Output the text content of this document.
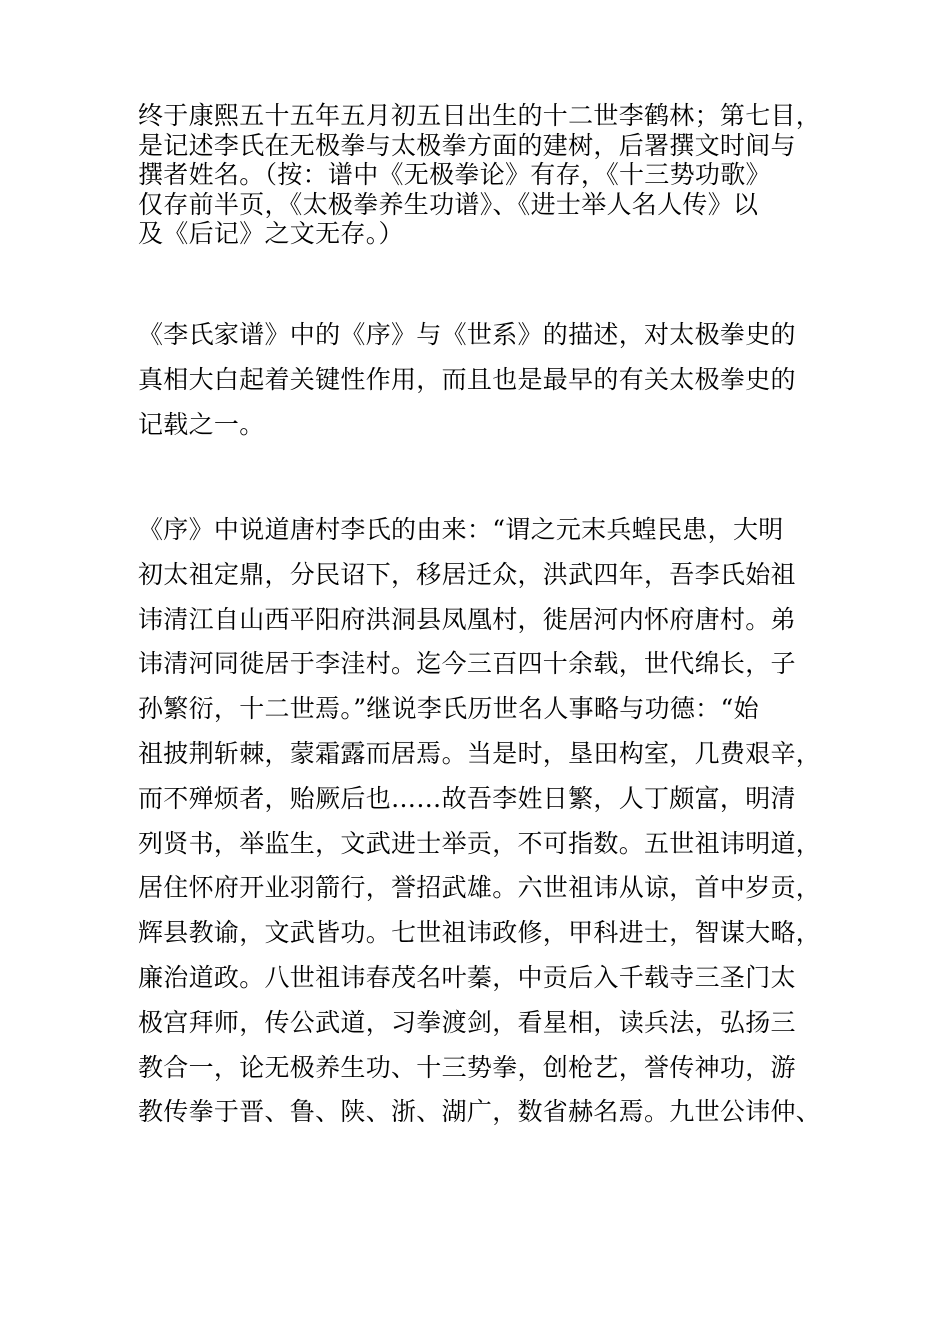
终于康熙五十五年五月初五日出生的十二世李鹤林；第七目，
是记述李氏在无极拳与太极拳方面的建树，后署撰文时间与
撰者姓名。（按：谱中《无极拳论》有存，《十三势功歌》
仅存前半页，《太极拳养生功谱》、《进士举人名人传》以
及《后记》之文无存。）

《李氏家谱》中的《序》与《世系》的描述，对太极拳史的
真相大白起着关键性作用，而且也是最早的有关太极拳史的
记载之一。

《序》中说道唐村李氏的由来：“谓之元末兵蝗民患，大明
初太祖定鼎，分民诏下，移居迁众，洪武四年，吾李氏始祖
讳清江自山西平阳府洪洞县凤凰村，徙居河内怀府唐村。弟
讳清河同徙居于李洼村。迄今三百四十余载，世代绵长，子
孙繁衍，十二世焉。”继说李氏历世名人事略与功德：“始
祖披荆斩棘，蒙霜露而居焉。当是时，垦田构室，几费艰辛，
而不殚烦者，贻厥后也……故吾李姓日繁，人丁颇富，明清
列贤书，举监生，文武进士举贡，不可指数。五世祖讳明道，
居住怀府开业羽箭行，誉招武雄。六世祖讳从谅，首中岁贡，
辉县教谕，文武皆功。七世祖讳政修，甲科进士，智谋大略，
廉治道政。八世祖讳春茂名叶蓁，中贡后入千载寺三圣门太
极宫拜师，传公武道，习拳渡剑，看星相，读兵法，弘扬三
教合一，论无极养生功、十三势拳，创枪艺，誉传神功，游
教传拳于晋、鲁、陕、浙、湖广，数省赫名焉。九世公讳仲、
